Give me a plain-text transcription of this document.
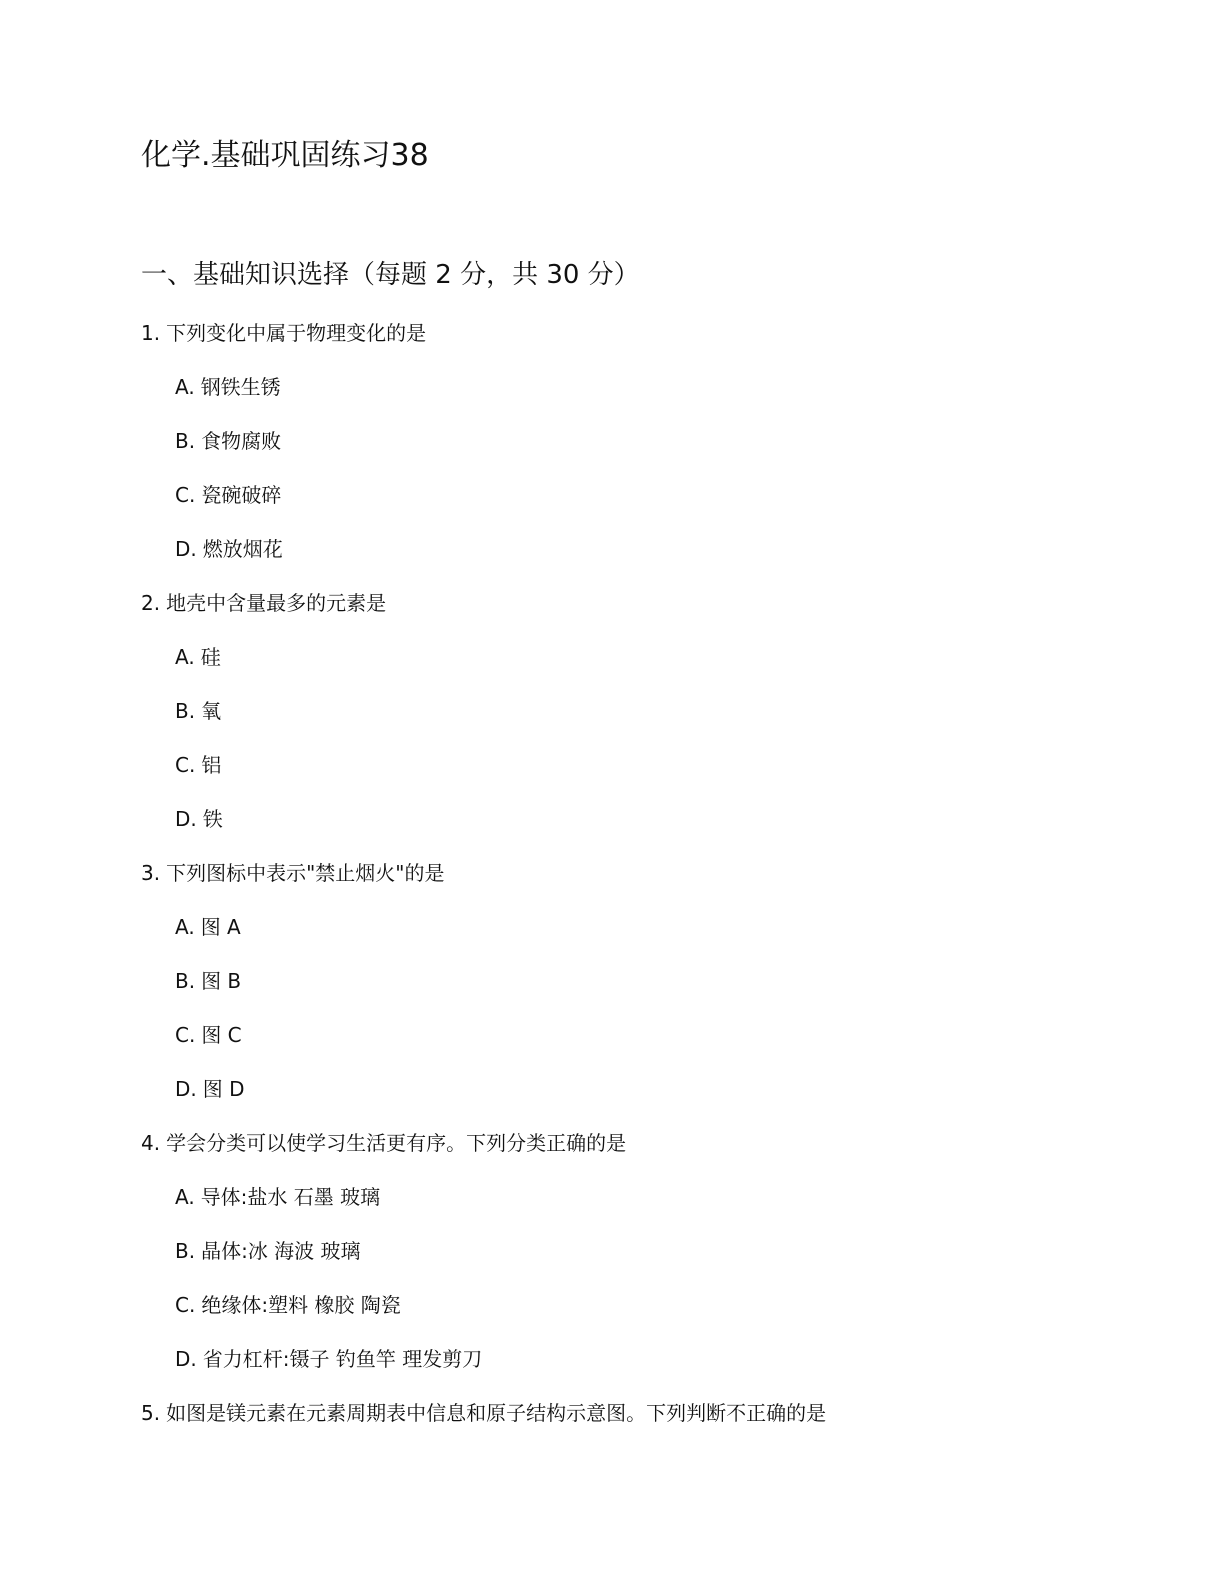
化学.基础巩固练习38
一、基础知识选择（每题 2 分，共 30 分）
1. 下列变化中属于物理变化的是
A. 钢铁生锈
B. 食物腐败
C. 瓷碗破碎
D. 燃放烟花
2. 地壳中含量最多的元素是
A. 硅
B. 氧
C. 铝
D. 铁
3. 下列图标中表示"禁止烟火"的是
A. 图 A
B. 图 B
C. 图 C
D. 图 D
4. 学会分类可以使学习生活更有序。下列分类正确的是
A. 导体:盐水 石墨 玻璃
B. 晶体:冰 海波 玻璃
C. 绝缘体:塑料 橡胶 陶瓷
D. 省力杠杆:镊子 钓鱼竿 理发剪刀
5. 如图是镁元素在元素周期表中信息和原子结构示意图。下列判断不正确的是
